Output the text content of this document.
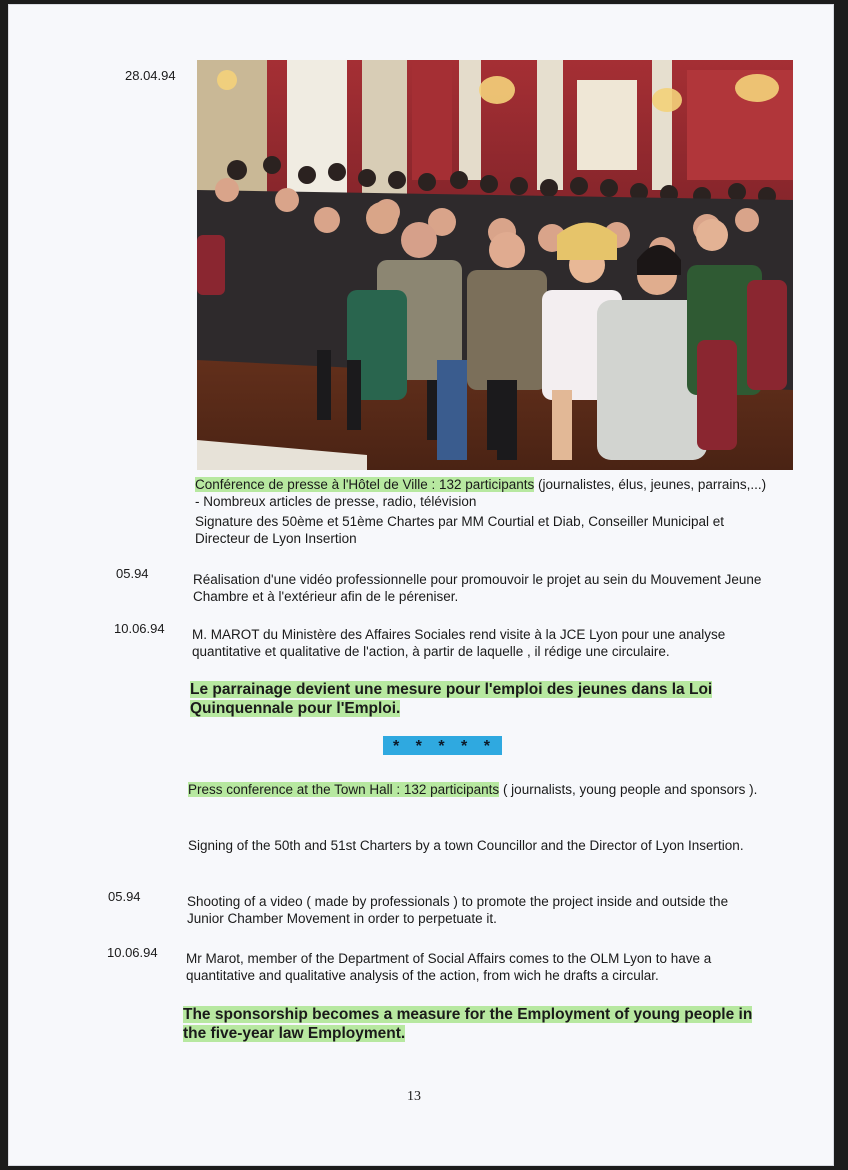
28.04.94
Conférence de presse à l'Hôtel de Ville : 132 participants (journalistes, élus, jeunes, parrains,...) - Nombreux articles de presse, radio, télévision
Signature des 50ème et 51ème Chartes par MM Courtial et Diab, Conseiller Municipal et Directeur de Lyon Insertion
05.94	Réalisation d'une vidéo professionnelle pour promouvoir le projet au sein du Mouvement Jeune Chambre et à l'extérieur afin de le péreniser.
10.06.94 M. MAROT du Ministère des Affaires Sociales rend visite à la JCE Lyon pour une analyse quantitative et qualitative de l'action, à partir de laquelle , il rédige une circulaire.
Le parrainage devient une mesure pour l'emploi des jeunes dans la Loi Quinquennale pour l'Emploi.
* * * * *
Press conference at the Town Hall : 132 participants ( journalists, young people and sponsors ).
Signing of the 50th and 51st Charters by a town Councillor and the Director of Lyon Insertion.
05.94	Shooting of a video ( made by professionals ) to promote the project inside and outside the Junior Chamber Movement in order to perpetuate it.
10.06.94 Mr Marot, member of the Department of Social Affairs comes to the OLM Lyon to have a quantitative and qualitative analysis of the action, from wich he drafts a circular.
The sponsorship becomes a measure for the Employment of young people in the five-year law Employment.
13
